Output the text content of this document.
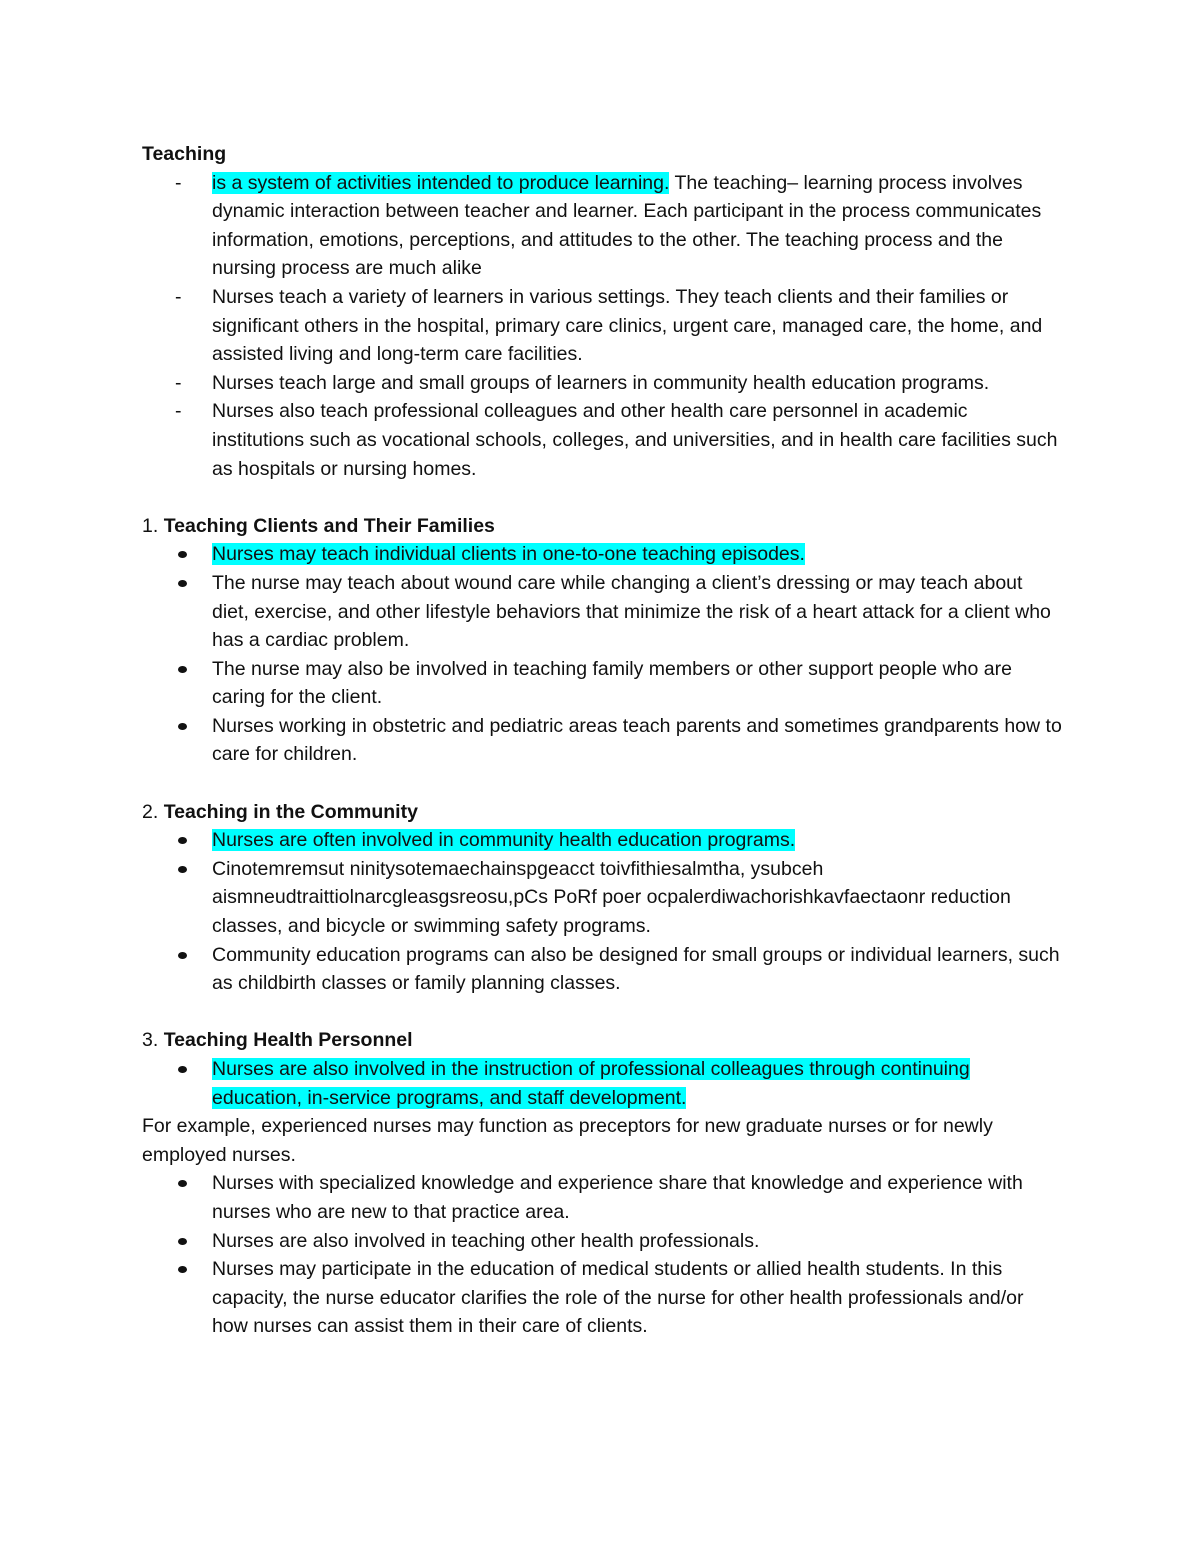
Teaching

- is a system of activities intended to produce learning. The teaching– learning process involves dynamic interaction between teacher and learner. Each participant in the process communicates information, emotions, perceptions, and attitudes to the other. The teaching process and the nursing process are much alike
- Nurses teach a variety of learners in various settings. They teach clients and their families or significant others in the hospital, primary care clinics, urgent care, managed care, the home, and assisted living and long-term care facilities.
- Nurses teach large and small groups of learners in community health education programs.
- Nurses also teach professional colleagues and other health care personnel in academic institutions such as vocational schools, colleges, and universities, and in health care facilities such as hospitals or nursing homes.

1. Teaching Clients and Their Families

Nurses may teach individual clients in one-to-one teaching episodes.
The nurse may teach about wound care while changing a client’s dressing or may teach about diet, exercise, and other lifestyle behaviors that minimize the risk of a heart attack for a client who has a cardiac problem.
The nurse may also be involved in teaching family members or other support people who are caring for the client.
Nurses working in obstetric and pediatric areas teach parents and sometimes grandparents how to care for children.

2. Teaching in the Community

Nurses are often involved in community health education programs.
Cinotemremsut ninitysotemaechainspgeacct toivfithiesalmtha, ysubceh aismneudtraittiolnarcgleasgsreosu,pCs PoRf poer ocpalerdiwachorishkavfaectaonr reduction classes, and bicycle or swimming safety programs.
Community education programs can also be designed for small groups or individual learners, such as childbirth classes or family planning classes.

3. Teaching Health Personnel

Nurses are also involved in the instruction of professional colleagues through continuing education, in-service programs, and staff development.

For example, experienced nurses may function as preceptors for new graduate nurses or for newly employed nurses.

Nurses with specialized knowledge and experience share that knowledge and experience with nurses who are new to that practice area.
Nurses are also involved in teaching other health professionals.
Nurses may participate in the education of medical students or allied health students. In this capacity, the nurse educator clarifies the role of the nurse for other health professionals and/or how nurses can assist them in their care of clients.
